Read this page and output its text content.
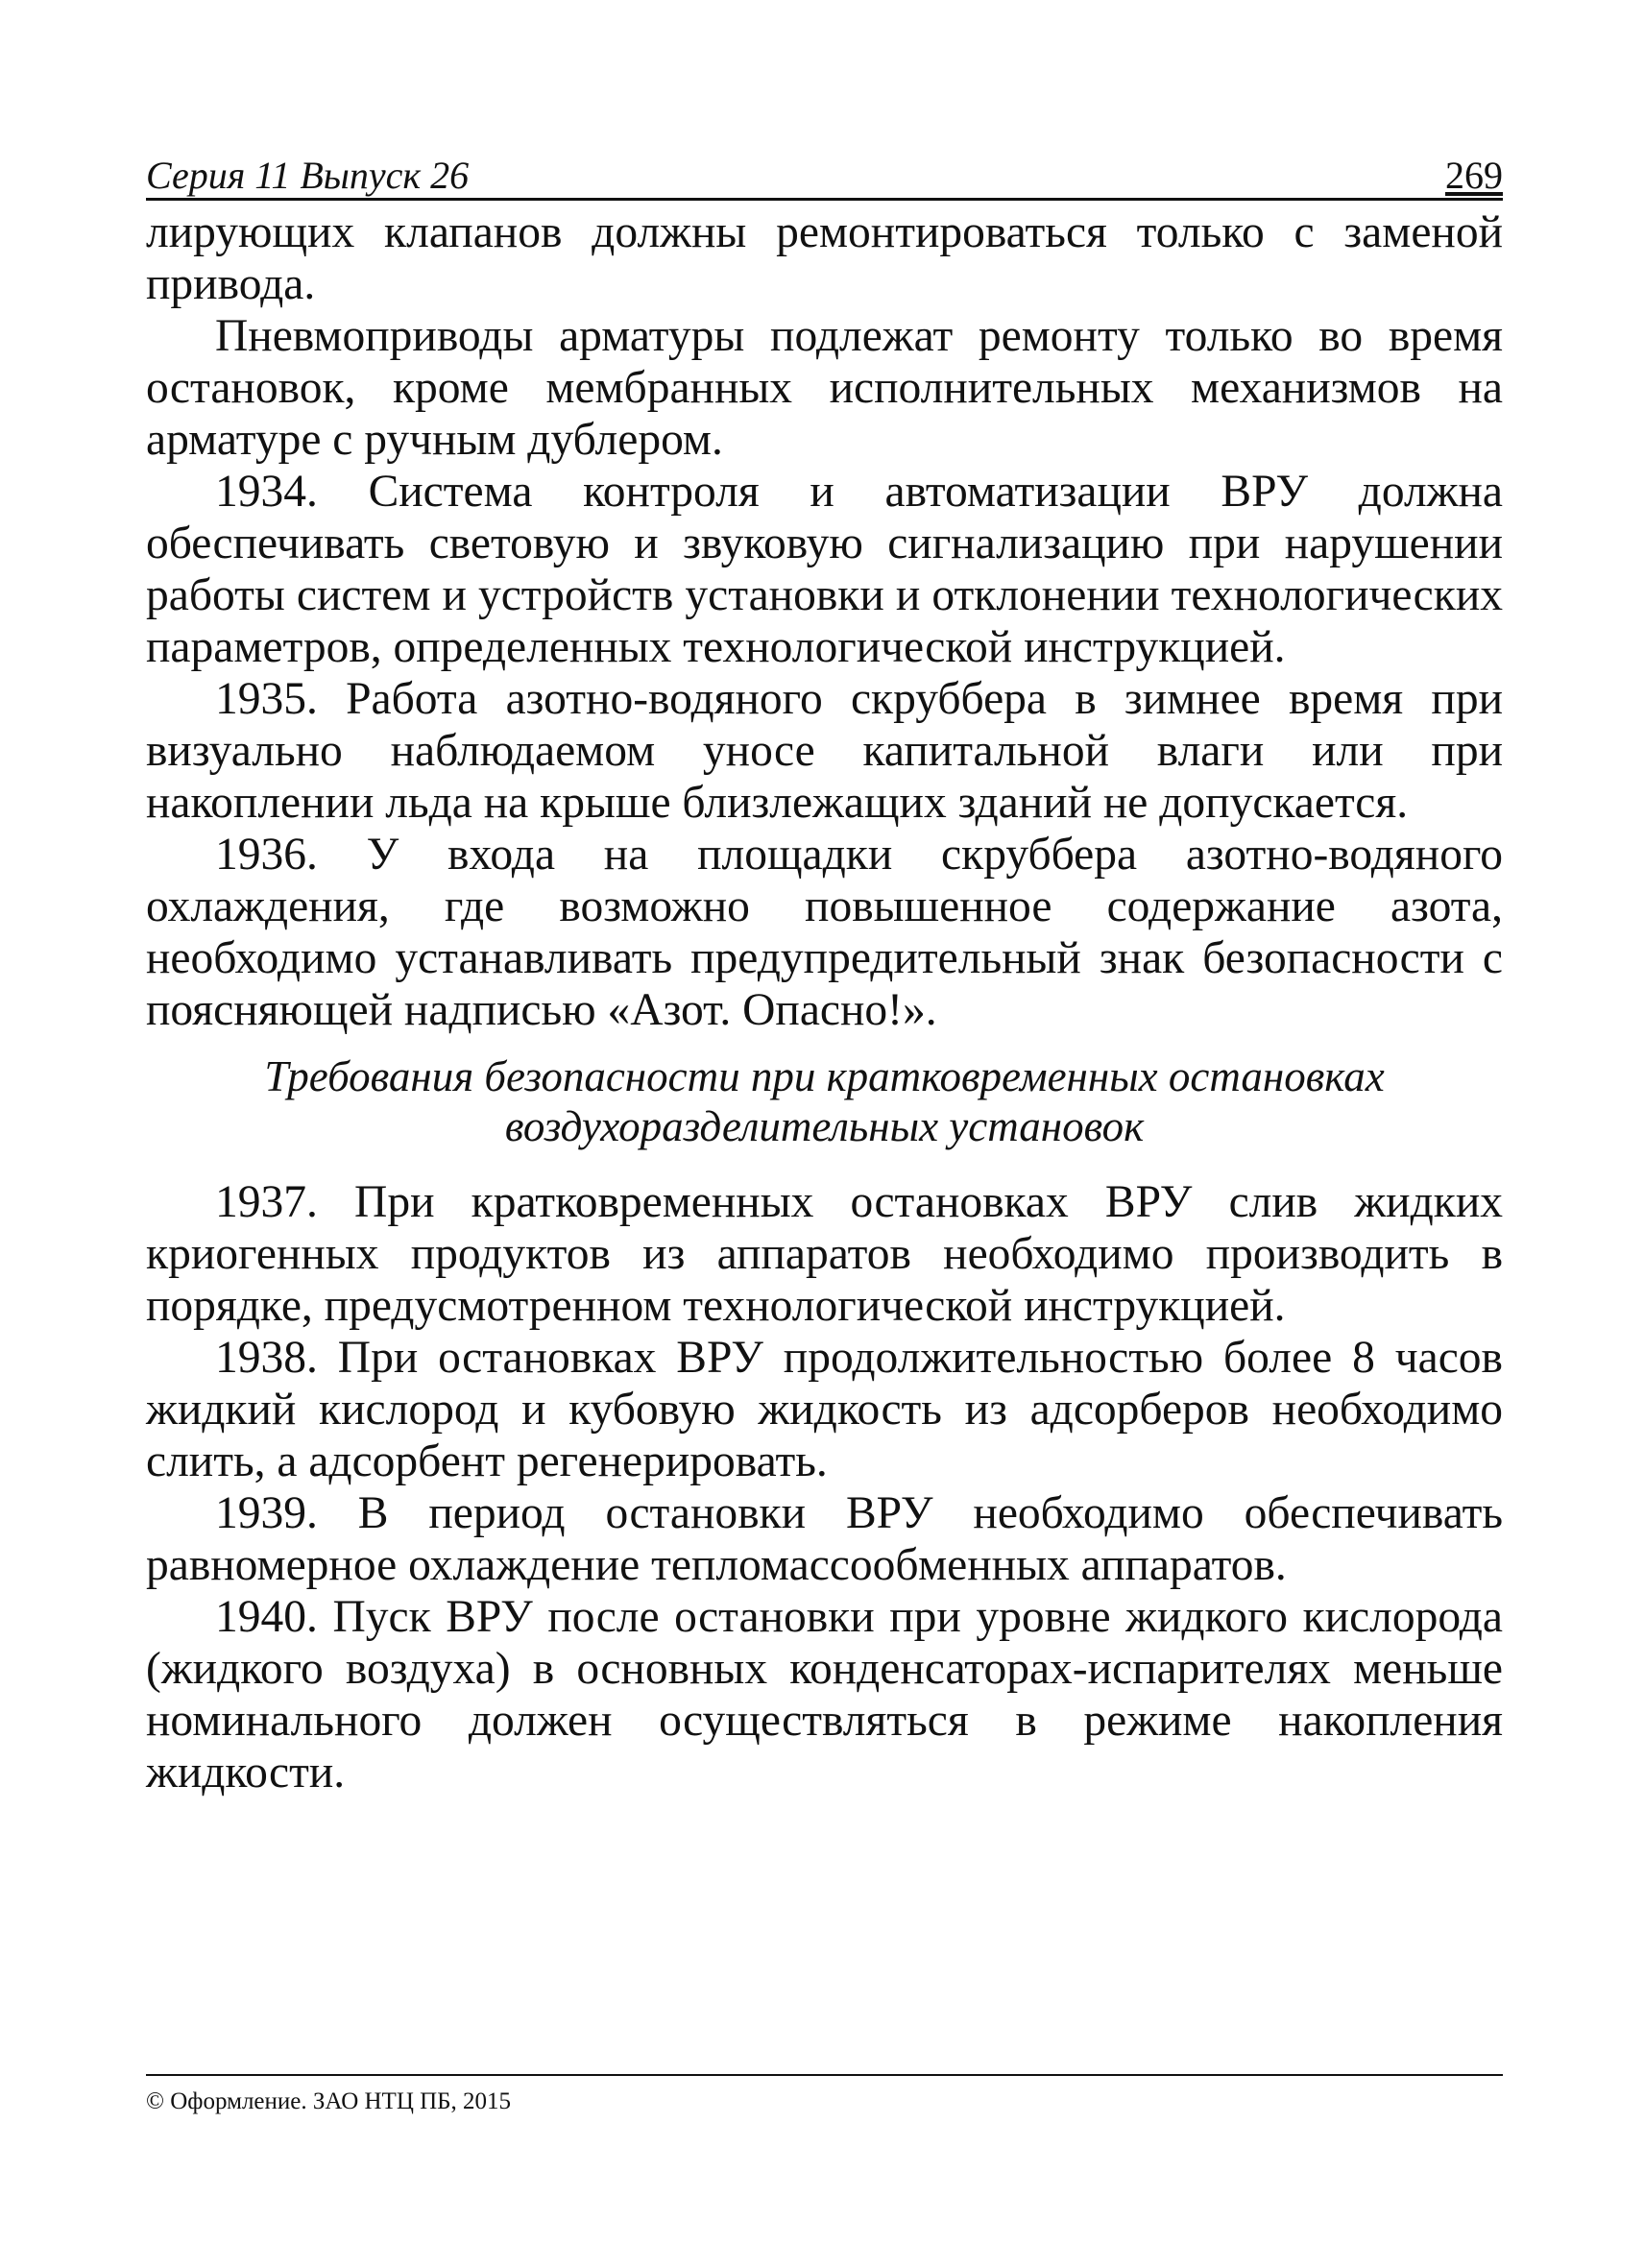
Серия 11 Выпуск 26	269

лирующих клапанов должны ремонтироваться только с заменой привода.

Пневмоприводы арматуры подлежат ремонту только во время остановок, кроме мембранных исполнительных механизмов на арматуре с ручным дублером.

1934. Система контроля и автоматизации ВРУ должна обеспечивать световую и звуковую сигнализацию при нарушении работы систем и устройств установки и отклонении технологических параметров, определенных технологической инструкцией.

1935. Работа азотно-водяного скруббера в зимнее время при визуально наблюдаемом уносе капитальной влаги или при накоплении льда на крыше близлежащих зданий не допускается.

1936. У входа на площадки скруббера азотно-водяного охлаждения, где возможно повышенное содержание азота, необходимо устанавливать предупредительный знак безопасности с поясняющей надписью «Азот. Опасно!».

Требования безопасности при кратковременных остановках воздухоразделительных установок

1937. При кратковременных остановках ВРУ слив жидких криогенных продуктов из аппаратов необходимо производить в порядке, предусмотренном технологической инструкцией.

1938. При остановках ВРУ продолжительностью более 8 часов жидкий кислород и кубовую жидкость из адсорберов необходимо слить, а адсорбент регенерировать.

1939. В период остановки ВРУ необходимо обеспечивать равномерное охлаждение тепломассообменных аппаратов.

1940. Пуск ВРУ после остановки при уровне жидкого кислорода (жидкого воздуха) в основных конденсаторах-испарителях меньше номинального должен осуществляться в режиме накопления жидкости.

© Оформление. ЗАО НТЦ ПБ, 2015
